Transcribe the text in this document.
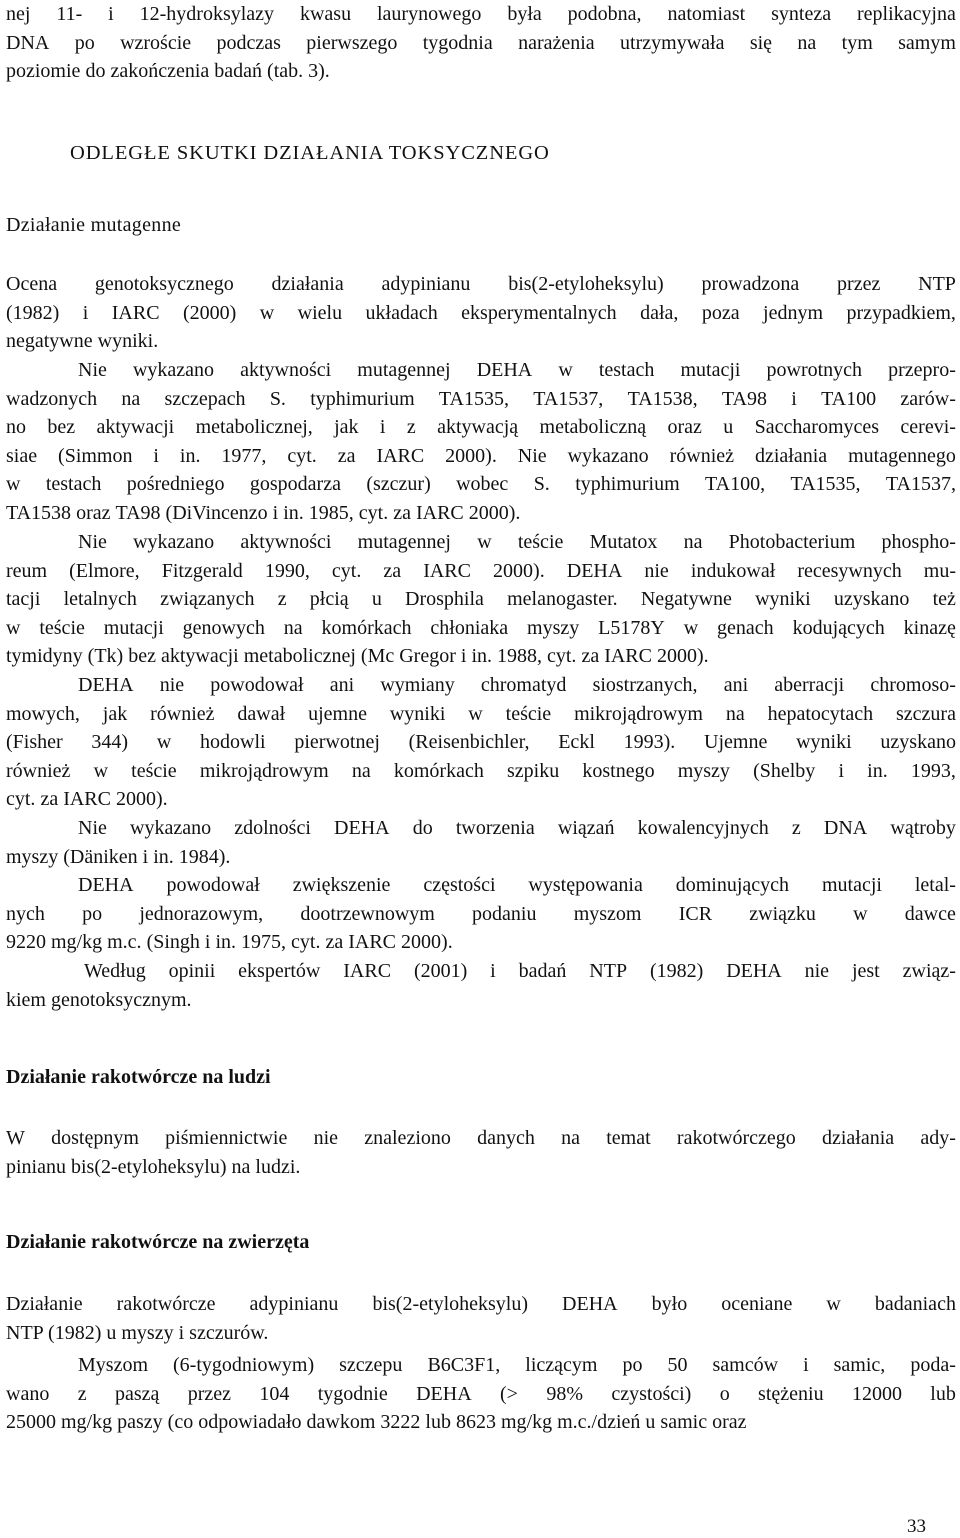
nej 11- i 12-hydroksylazy kwasu laurynowego była podobna, natomiast synteza replikacyjna
DNA po wzroście podczas pierwszego tygodnia narażenia utrzymywała się na tym samym
poziomie do zakończenia badań (tab. 3).
ODLEGŁE SKUTKI DZIAŁANIA TOKSYCZNEGO
Działanie mutagenne
Ocena genotoksycznego działania adypinianu bis(2-etyloheksylu) prowadzona przez NTP
(1982) i IARC (2000) w wielu układach eksperymentalnych dała, poza jednym przypadkiem,
negatywne wyniki.
Nie wykazano aktywności mutagennej DEHA w testach mutacji powrotnych przepro-
wadzonych na szczepach S. typhimurium TA1535, TA1537, TA1538, TA98 i TA100 zarów-
no bez aktywacji metabolicznej, jak i z aktywacją metaboliczną oraz u Saccharomyces cerevi-
siae (Simmon i in. 1977, cyt. za IARC 2000). Nie wykazano również działania mutagennego
w testach pośredniego gospodarza (szczur) wobec S. typhimurium TA100, TA1535, TA1537,
TA1538 oraz TA98 (DiVincenzo i in. 1985, cyt. za IARC 2000).
Nie wykazano aktywności mutagennej w teście Mutatox na Photobacterium phospho-
reum (Elmore, Fitzgerald 1990, cyt. za IARC 2000). DEHA nie indukował recesywnych mu-
tacji letalnych związanych z płcią u Drosphila melanogaster. Negatywne wyniki uzyskano też
w teście mutacji genowych na komórkach chłoniaka myszy L5178Y w genach kodujących kinazę
tymidyny (Tk) bez aktywacji metabolicznej (Mc Gregor i in. 1988, cyt. za IARC 2000).
DEHA nie powodował ani wymiany chromatyd siostrzanych, ani aberracji chromoso-
mowych, jak również dawał ujemne wyniki w teście mikrojądrowym na hepatocytach szczura
(Fisher 344) w hodowli pierwotnej (Reisenbichler, Eckl 1993). Ujemne wyniki uzyskano
również w teście mikrojądrowym na komórkach szpiku kostnego myszy (Shelby i in. 1993,
cyt. za IARC 2000).
Nie wykazano zdolności DEHA do tworzenia wiązań kowalencyjnych z DNA wątroby
myszy (Däniken i in. 1984).
DEHA powodował zwiększenie częstości występowania dominujących mutacji letal-
nych po jednorazowym, dootrzewnowym podaniu myszom ICR związku w dawce
9220 mg/kg m.c. (Singh i in. 1975, cyt. za IARC 2000).
Według opinii ekspertów IARC (2001) i badań NTP (1982) DEHA nie jest związ-
kiem genotoksycznym.
Działanie rakotwórcze na ludzi
W dostępnym piśmiennictwie nie znaleziono danych na temat rakotwórczego działania ady-
pinianu bis(2-etyloheksylu) na ludzi.
Działanie rakotwórcze na zwierzęta
Działanie rakotwórcze adypinianu bis(2-etyloheksylu) DEHA było oceniane w badaniach
NTP (1982) u myszy i szczurów.
Myszom (6-tygodniowym) szczepu B6C3F1, liczącym po 50 samców i samic, poda-
wano z paszą przez 104 tygodnie DEHA (> 98% czystości) o stężeniu 12000 lub
25000 mg/kg paszy (co odpowiadało dawkom 3222 lub 8623 mg/kg m.c./dzień u samic oraz
33
